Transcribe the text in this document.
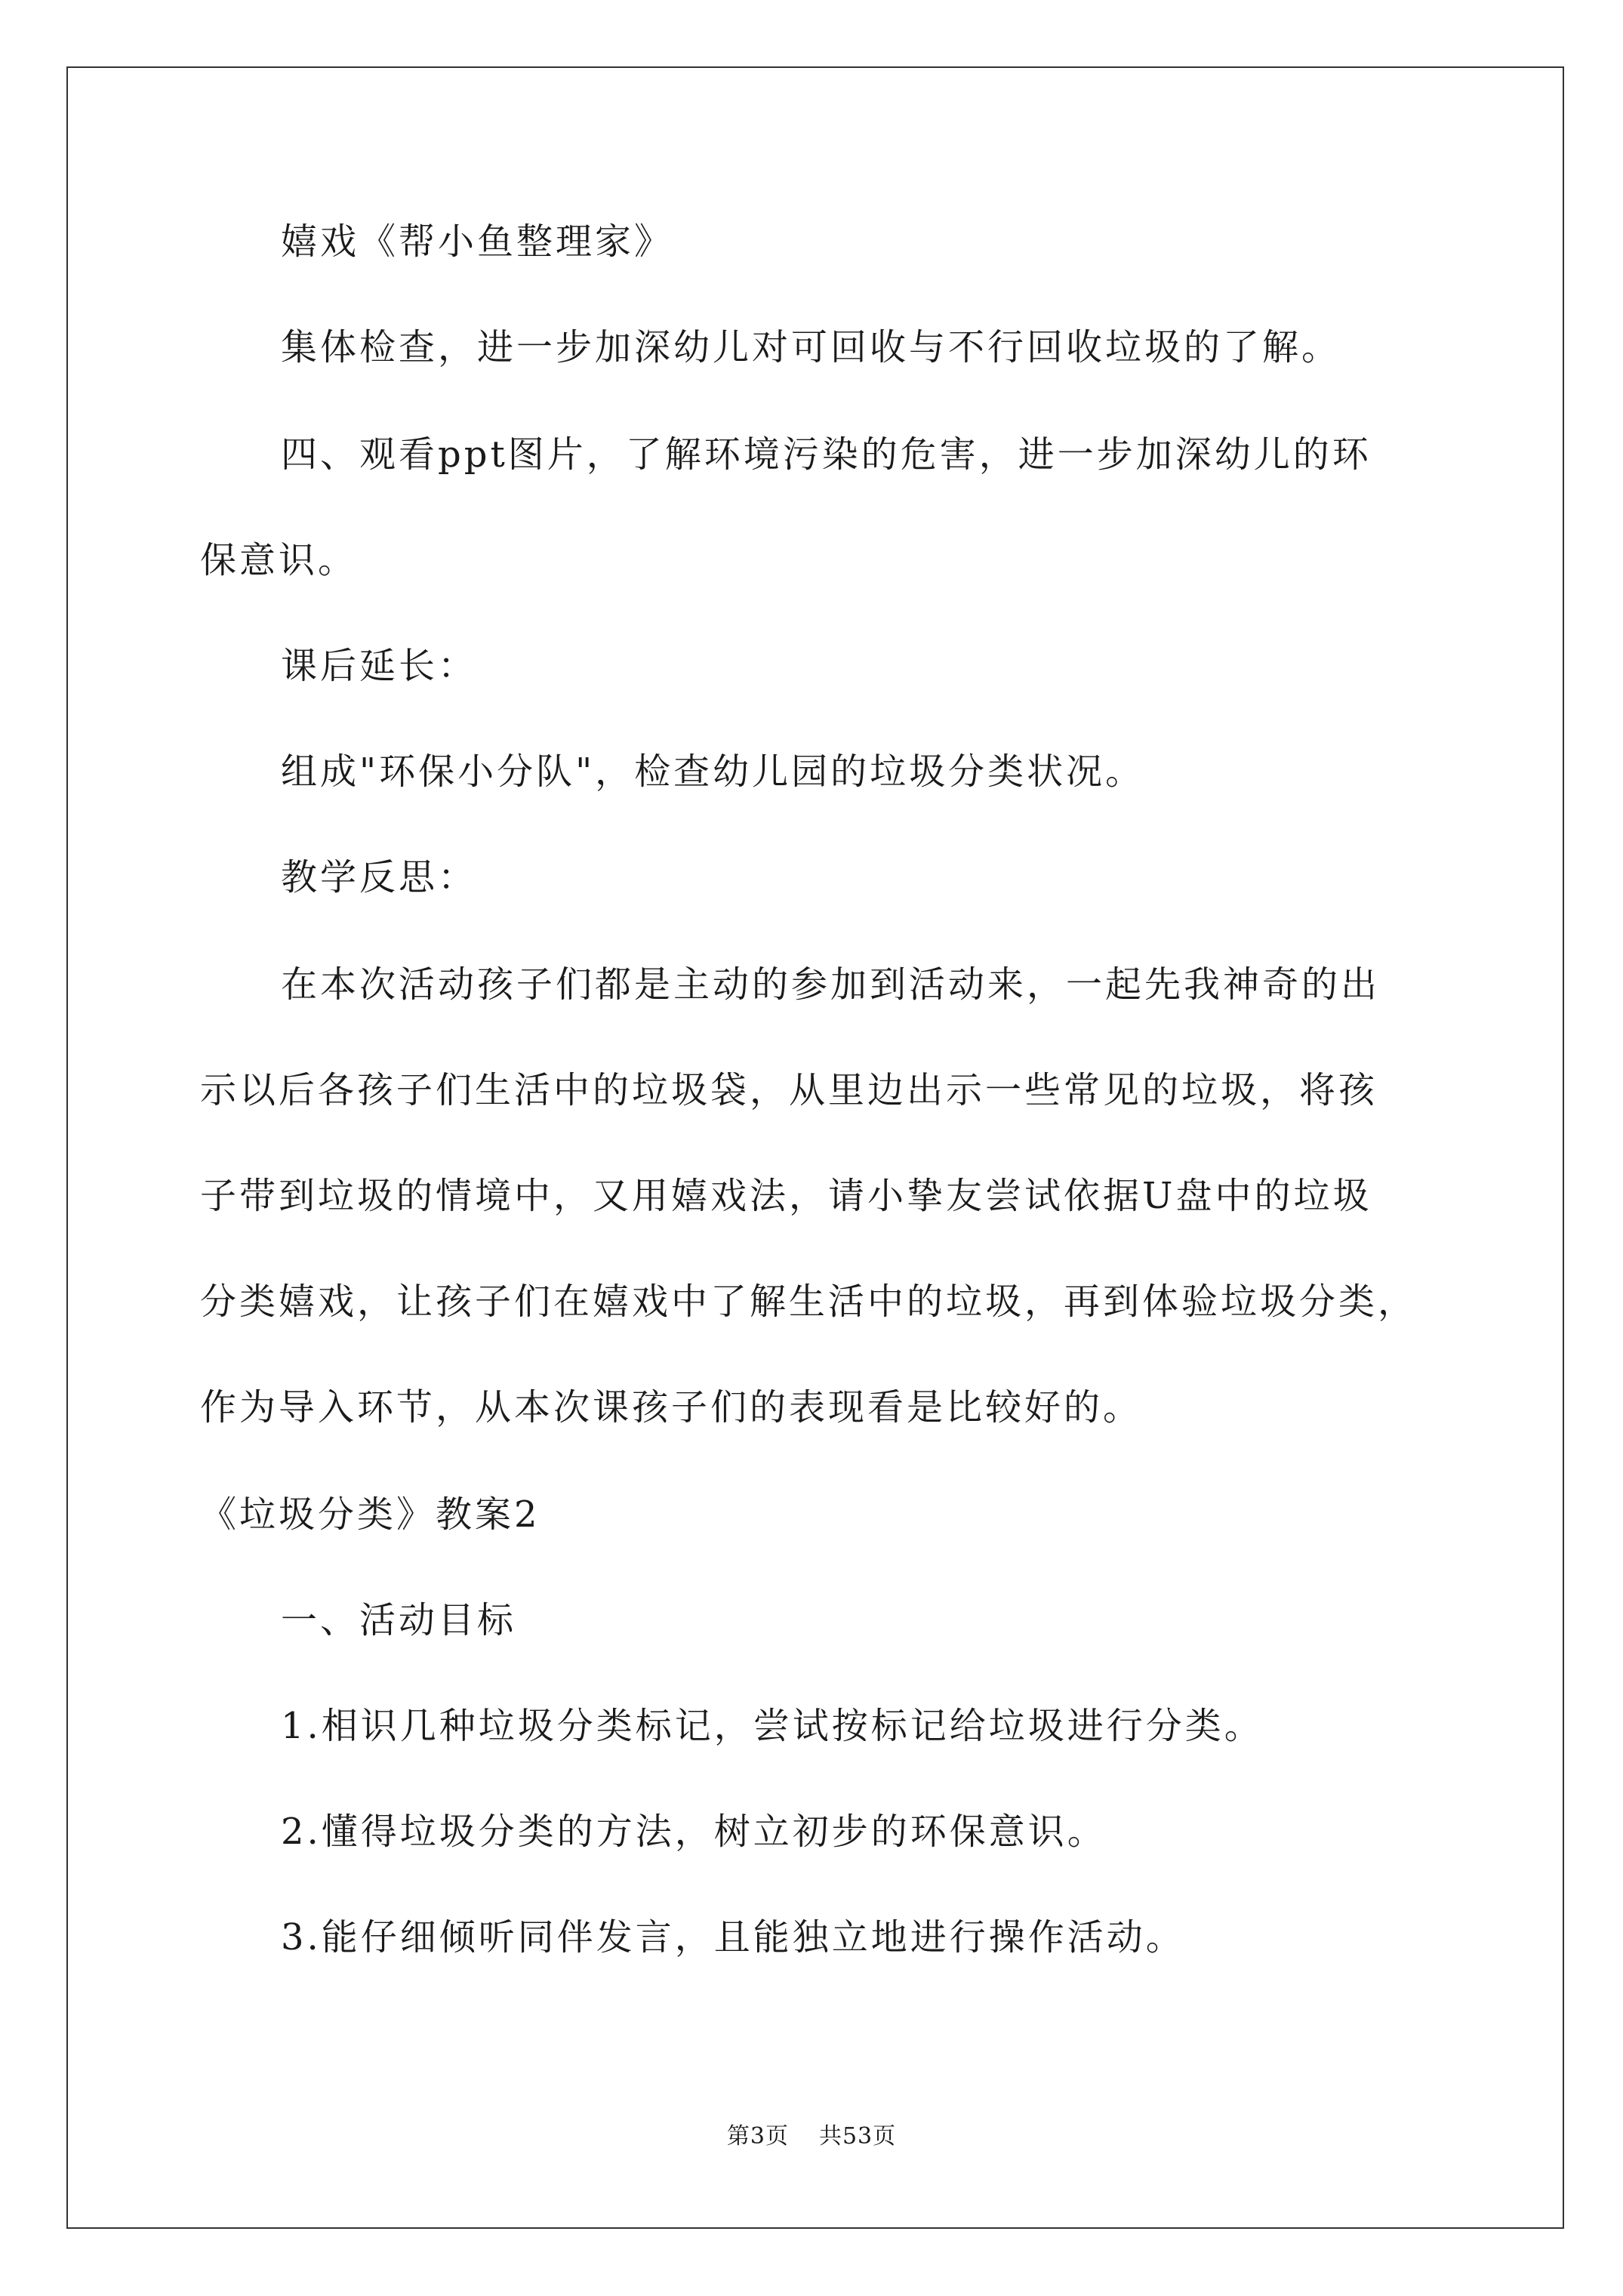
嬉戏《帮小鱼整理家》
集体检查，进一步加深幼儿对可回收与不行回收垃圾的了解。
四、观看ppt图片，了解环境污染的危害，进一步加深幼儿的环
保意识。
课后延长：
组成"环保小分队"，检查幼儿园的垃圾分类状况。
教学反思：
在本次活动孩子们都是主动的参加到活动来，一起先我神奇的出
示以后各孩子们生活中的垃圾袋，从里边出示一些常见的垃圾，将孩
子带到垃圾的情境中，又用嬉戏法，请小挚友尝试依据U盘中的垃圾
分类嬉戏，让孩子们在嬉戏中了解生活中的垃圾，再到体验垃圾分类，
作为导入环节，从本次课孩子们的表现看是比较好的。
《垃圾分类》教案2
一、活动目标
1.相识几种垃圾分类标记，尝试按标记给垃圾进行分类。
2.懂得垃圾分类的方法，树立初步的环保意识。
3.能仔细倾听同伴发言，且能独立地进行操作活动。
第3页 共53页
